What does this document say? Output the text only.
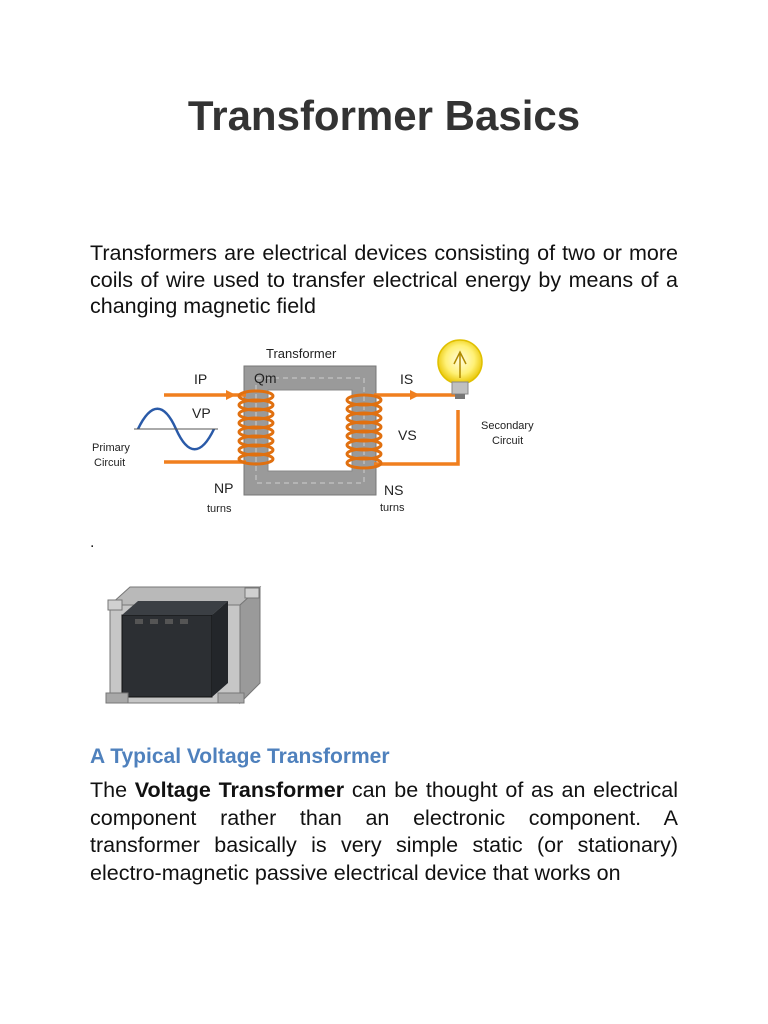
Transformer Basics

Transformers are electrical devices consisting of two or more coils of wire used to transfer electrical energy by means of a changing magnetic field

Transformer
Qm
IP
VP
IS
VS
NP	NS
turns	turns
Primary
Circuit
Secondary
Circuit
.
A Typical Voltage Transformer

The Voltage Transformer can be thought of as an electrical component rather than an electronic component. A transformer basically is very simple static (or stationary) electro-magnetic passive electrical device that works on
